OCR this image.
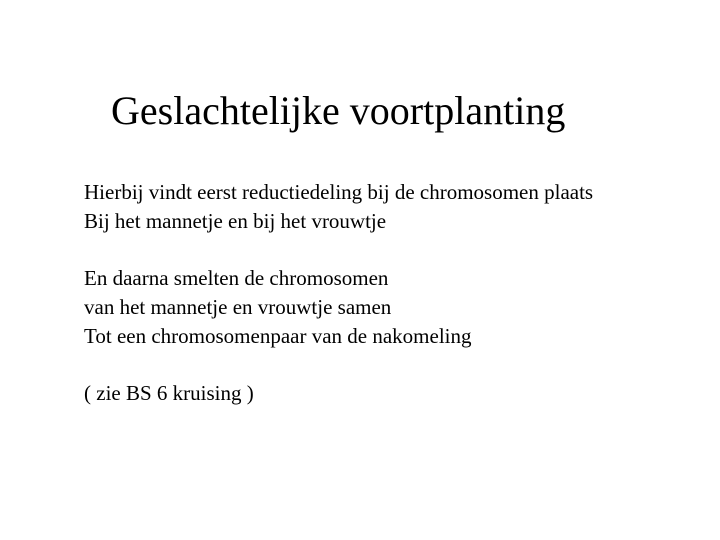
Geslachtelijke voortplanting

Hierbij vindt eerst reductiedeling bij de chromosomen plaats
Bij het mannetje en bij het vrouwtje

En daarna smelten de chromosomen
van het mannetje en vrouwtje samen
Tot een chromosomenpaar van de nakomeling

( zie BS 6 kruising )
